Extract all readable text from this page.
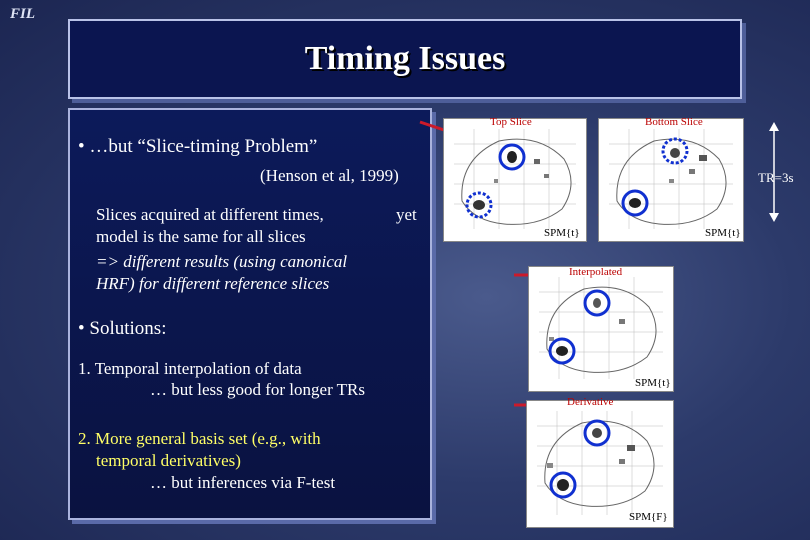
FIL
Timing Issues
• …but “Slice-timing Problem”
(Henson et al, 1999)
Slices acquired at different times,	yet
model is the same for all slices
=> different results (using canonical
HRF) for different reference slices
• Solutions:
1. Temporal interpolation of data
… but less good for longer TRs
2. More general basis set (e.g., with
temporal derivatives)
… but inferences via F-test
Top Slice
SPM{t}
Bottom Slice
SPM{t}
Interpolated
SPM{t}
Derivative
SPM{F}
TR=3s
